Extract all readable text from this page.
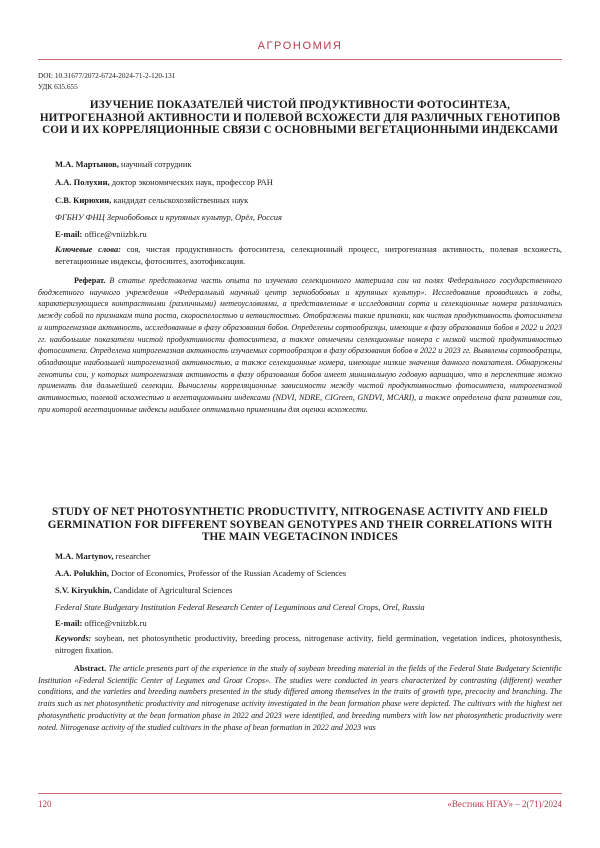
АГРОНОМИЯ
DOI: 10.31677/2072-6724-2024-71-2-120-131
УДК 635.655
ИЗУЧЕНИЕ ПОКАЗАТЕЛЕЙ ЧИСТОЙ ПРОДУКТИВНОСТИ ФОТОСИНТЕЗА, НИТРОГЕНАЗНОЙ АКТИВНОСТИ И ПОЛЕВОЙ ВСХОЖЕСТИ ДЛЯ РАЗЛИЧНЫХ ГЕНОТИПОВ СОИ И ИХ КОРРЕЛЯЦИОННЫЕ СВЯЗИ С ОСНОВНЫМИ ВЕГЕТАЦИОННЫМИ ИНДЕКСАМИ
М.А. Мартынов, научный сотрудник
А.А. Полухин, доктор экономических наук, профессор РАН
С.В. Кирюхин, кандидат сельскохозяйственных наук
ФГБНУ ФНЦ Зернобобовых и крупяных культур, Орёл, Россия
E-mail: office@vniizbk.ru
Ключевые слова: соя, чистая продуктивность фотосинтеза, селекционный процесс, нитрогеназная активность, полевая всхожесть, вегетационные индексы, фотосинтез, азотофиксация.
Реферат. В статье представлена часть опыта по изучению селекционного материала сои на полях Федерального государственного бюджетного научного учреждения «Федеральный научный центр зернобобовых и крупяных культур». Исследования проводились в годы, характеризующиеся контрастными (различными) метеоусловиями, а представленные в исследовании сорта и селекционные номера различались между собой по признакам типа роста, скороспелостью и ветвистостью. Отображены такие признаки, как чистая продуктивность фотосинтеза и нитрогеназная активность, исследованные в фазу образования бобов. Определены сортообразцы, имеющие в фазу образования бобов в 2022 и 2023 гг. наибольшие показатели чистой продуктивности фотосинтеза, а также отмечены селекционные номера с низкой чистой продуктивностью фотосинтеза. Определена нитрогеназная активность изучаемых сортообразцов в фазу образования бобов в 2022 и 2023 гг. Выявлены сортообразцы, обладающие наибольшей нитрогеназной активностью, а также селекционные номера, имеющие низкие значения данного показателя. Обнаружены генотипы сои, у которых нитрогеназная активность в фазу образования бобов имеет минимальную годовую вариацию, что в перспективе можно применить для дальнейшей селекции. Вычислены корреляционные зависимости между чистой продуктивностью фотосинтеза, нитрогеназной активностью, полевой всхожестью и вегетационными индексами (NDVI, NDRE, CIGreen, GNDVI, MCARI), а также определена фаза развития сои, при которой вегетационные индексы наиболее оптимально применимы для оценки всхожести.
STUDY OF NET PHOTOSYNTHETIC PRODUCTIVITY, NITROGENASE ACTIVITY AND FIELD GERMINATION FOR DIFFERENT SOYBEAN GENOTYPES AND THEIR CORRELATIONS WITH THE MAIN VEGETACINON INDICES
M.A. Martynov, researcher
A.A. Polukhin, Doctor of Economics, Professor of the Russian Academy of Sciences
S.V. Kiryukhin, Candidate of Agricultural Sciences
Federal State Budgetary Institution Federal Research Center of Leguminous and Cereal Crops, Orel, Russia
E-mail: office@vniizbk.ru
Keywords: soybean, net photosynthetic productivity, breeding process, nitrogenase activity, field germination, vegetation indices, photosynthesis, nitrogen fixation.
Abstract. The article presents part of the experience in the study of soybean breeding material in the fields of the Federal State Budgetary Scientific Institution «Federal Scientific Center of Legumes and Groat Crops». The studies were conducted in years characterized by contrasting (different) weather conditions, and the varieties and breeding numbers presented in the study differed among themselves in the traits of growth type, precocity and branching. The traits such as net photosynthetic productivity and nitrogenase activity investigated in the bean formation phase were depicted. The cultivars with the highest net photosynthetic productivity at the bean formation phase in 2022 and 2023 were identified, and breeding numbers with low net photosynthetic productivity were noted. Nitrogenase activity of the studied cultivars in the phase of bean formation in 2022 and 2023 was
120	«Вестник НГАУ» – 2(71)/2024
